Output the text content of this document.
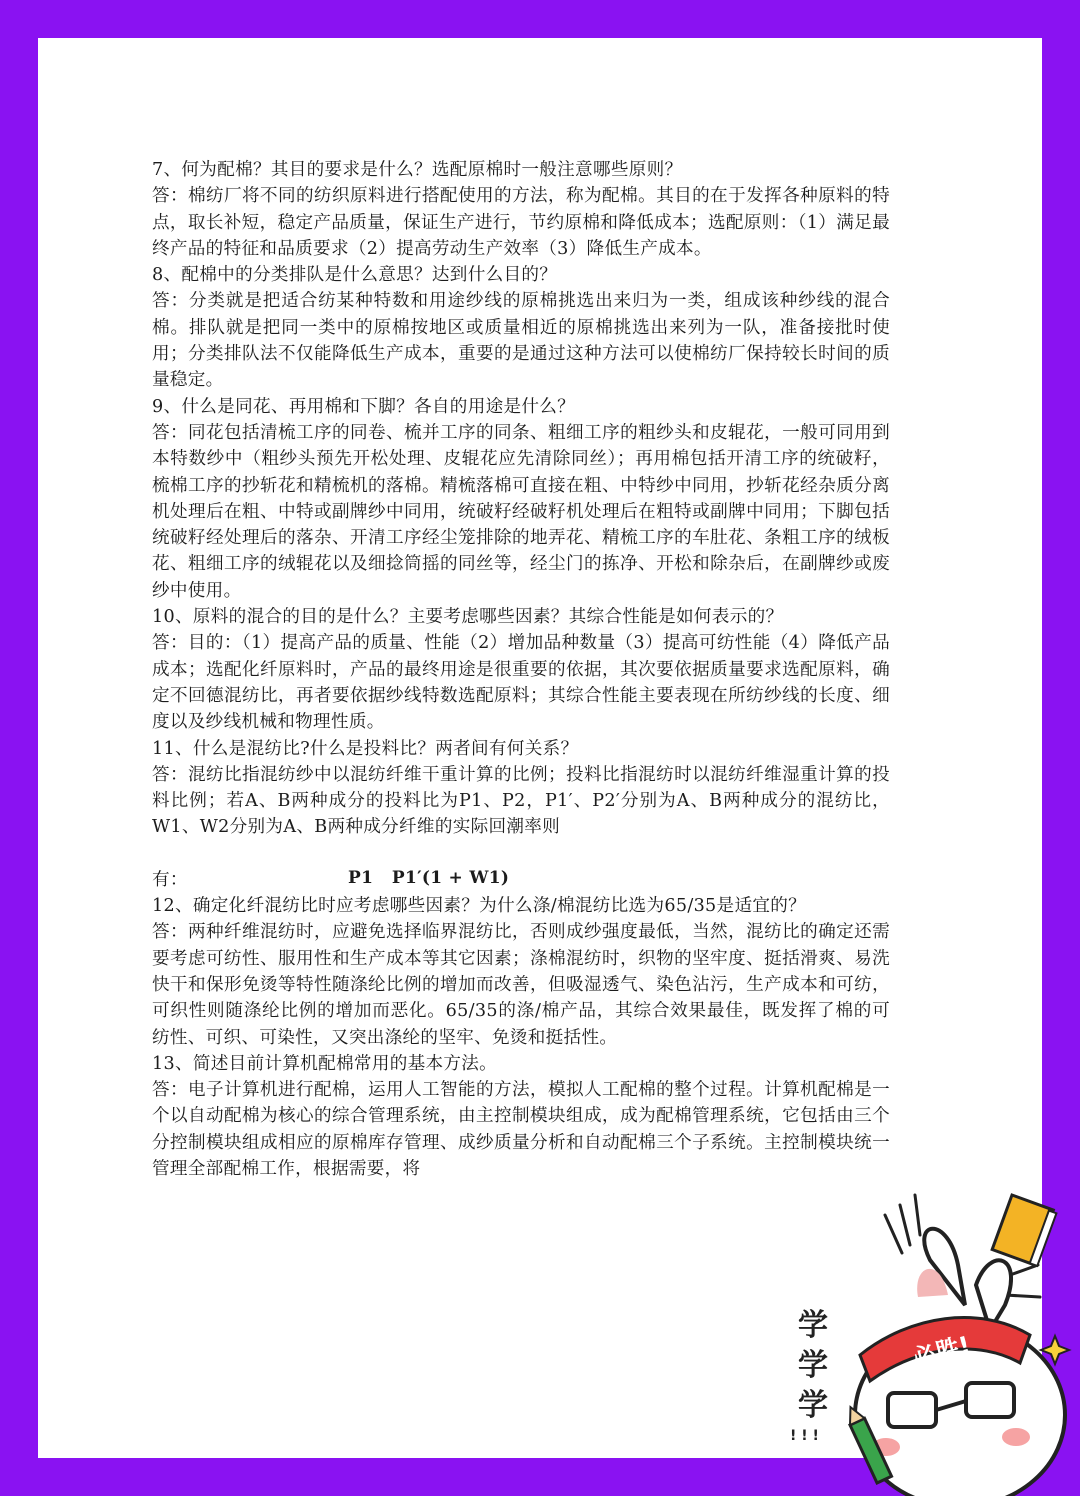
7、何为配棉？其目的要求是什么？选配原棉时一般注意哪些原则？

答：棉纺厂将不同的纺织原料进行搭配使用的方法，称为配棉。其目的在于发挥各种原料的特点，取长补短，稳定产品质量，保证生产进行，节约原棉和降低成本；选配原则：（1）满足最终产品的特征和品质要求（2）提高劳动生产效率（3）降低生产成本。

8、配棉中的分类排队是什么意思？达到什么目的？

答：分类就是把适合纺某种特数和用途纱线的原棉挑选出来归为一类，组成该种纱线的混合棉。排队就是把同一类中的原棉按地区或质量相近的原棉挑选出来列为一队，准备接批时使用；分类排队法不仅能降低生产成本，重要的是通过这种方法可以使棉纺厂保持较长时间的质量稳定。

9、什么是同花、再用棉和下脚？各自的用途是什么？

答：同花包括清梳工序的同卷、梳并工序的同条、粗细工序的粗纱头和皮辊花，一般可同用到本特数纱中（粗纱头预先开松处理、皮辊花应先清除同丝）；再用棉包括开清工序的统破籽，梳棉工序的抄斩花和精梳机的落棉。精梳落棉可直接在粗、中特纱中同用，抄斩花经杂质分离机处理后在粗、中特或副牌纱中同用，统破籽经破籽机处理后在粗特或副牌中同用；下脚包括统破籽经处理后的落杂、开清工序经尘笼排除的地弄花、精梳工序的车肚花、条粗工序的绒板花、粗细工序的绒辊花以及细捻筒摇的同丝等，经尘门的拣净、开松和除杂后，在副牌纱或废纱中使用。

10、原料的混合的目的是什么？主要考虑哪些因素？其综合性能是如何表示的？

答：目的：（1）提高产品的质量、性能（2）增加品种数量（3）提高可纺性能（4）降低产品成本；选配化纤原料时，产品的最终用途是很重要的依据，其次要依据质量要求选配原料，确定不回德混纺比，再者要依据纱线特数选配原料；其综合性能主要表现在所纺纱线的长度、细度以及纱线机械和物理性质。

11、什么是混纺比?什么是投料比？两者间有何关系？

答：混纺比指混纺纱中以混纺纤维干重计算的比例；投料比指混纺时以混纺纤维湿重计算的投料比例；若A、B两种成分的投料比为P1、P2，P1′、P2′分别为A、B两种成分的混纺比，W1、W2分别为A、B两种成分纤维的实际回潮率则

有：	P1   P1′(1 + W1)

12、确定化纤混纺比时应考虑哪些因素？为什么涤/棉混纺比选为65/35是适宜的？

答：两种纤维混纺时，应避免选择临界混纺比，否则成纱强度最低，当然，混纺比的确定还需要考虑可纺性、服用性和生产成本等其它因素；涤棉混纺时，织物的坚牢度、挺括滑爽、易洗快干和保形免烫等特性随涤纶比例的增加而改善，但吸湿透气、染色沾污，生产成本和可纺，可织性则随涤纶比例的增加而恶化。65/35的涤/棉产品，其综合效果最佳，既发挥了棉的可纺性、可织、可染性，又突出涤纶的坚牢、免烫和挺括性。

13、简述目前计算机配棉常用的基本方法。

答：电子计算机进行配棉，运用人工智能的方法，模拟人工配棉的整个过程。计算机配棉是一个以自动配棉为核心的综合管理系统，由主控制模块组成，成为配棉管理系统，它包括由三个分控制模块组成相应的原棉库存管理、成纱质量分析和自动配棉三个子系统。主控制模块统一管理全部配棉工作，根据需要，将

必胜!
学
学
学
! ! !
